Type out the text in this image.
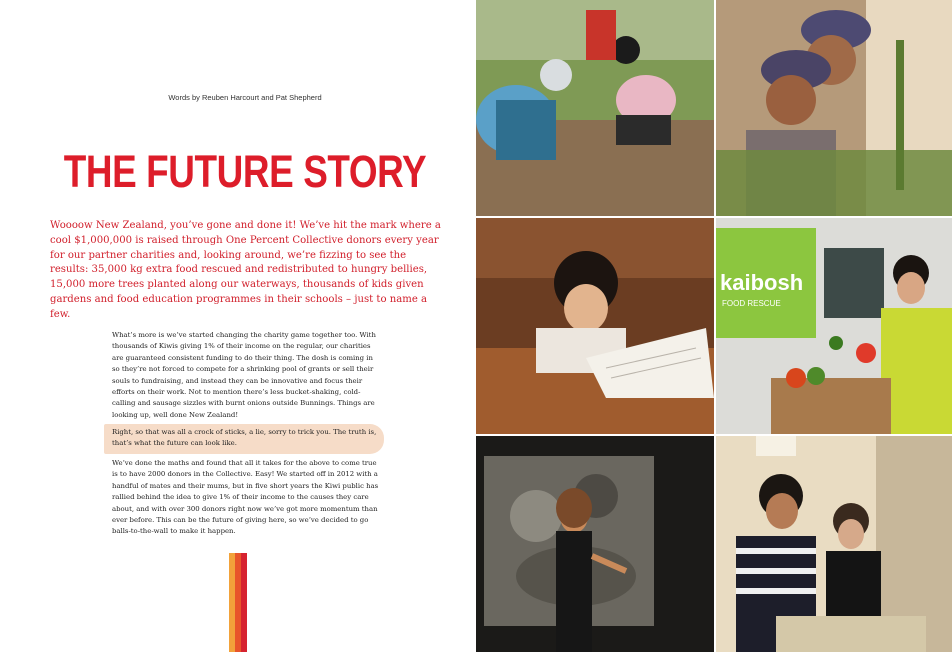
Words by Reuben Harcourt and Pat Shepherd
THE FUTURE STORY
Woooow New Zealand, you’ve gone and done it! We’ve hit the mark where a cool $1,000,000 is raised through One Percent Collective donors every year for our partner charities and, looking around, we’re fizzing to see the results: 35,000 kg extra food rescued and redistributed to hungry bellies, 15,000 more trees planted along our waterways, thousands of kids given gardens and food education programmes in their schools – just to name a few.
What’s more is we’ve started changing the charity game together too. With thousands of Kiwis giving 1% of their income on the regular, our charities are guaranteed consistent funding to do their thing. The dosh is coming in so they’re not forced to compete for a shrinking pool of grants or sell their souls to fundraising, and instead they can be innovative and focus their efforts on their work. Not to mention there’s less bucket-shaking, cold-calling and sausage sizzles with burnt onions outside Bunnings. Things are looking up, well done New Zealand!
Right, so that was all a crock of sticks, a lie, sorry to trick you. The truth is, that’s what the future can look like.
We’ve done the maths and found that all it takes for the above to come true is to have 2000 donors in the Collective. Easy! We started off in 2012 with a handful of mates and their mums, but in five short years the Kiwi public has rallied behind the idea to give 1% of their income to the causes they care about, and with over 300 donors right now we’ve got more momentum than ever before. This can be the future of giving here, so we’ve decided to go balls-to-the-wall to make it happen.
kaibosh
FOOD RESCUE
